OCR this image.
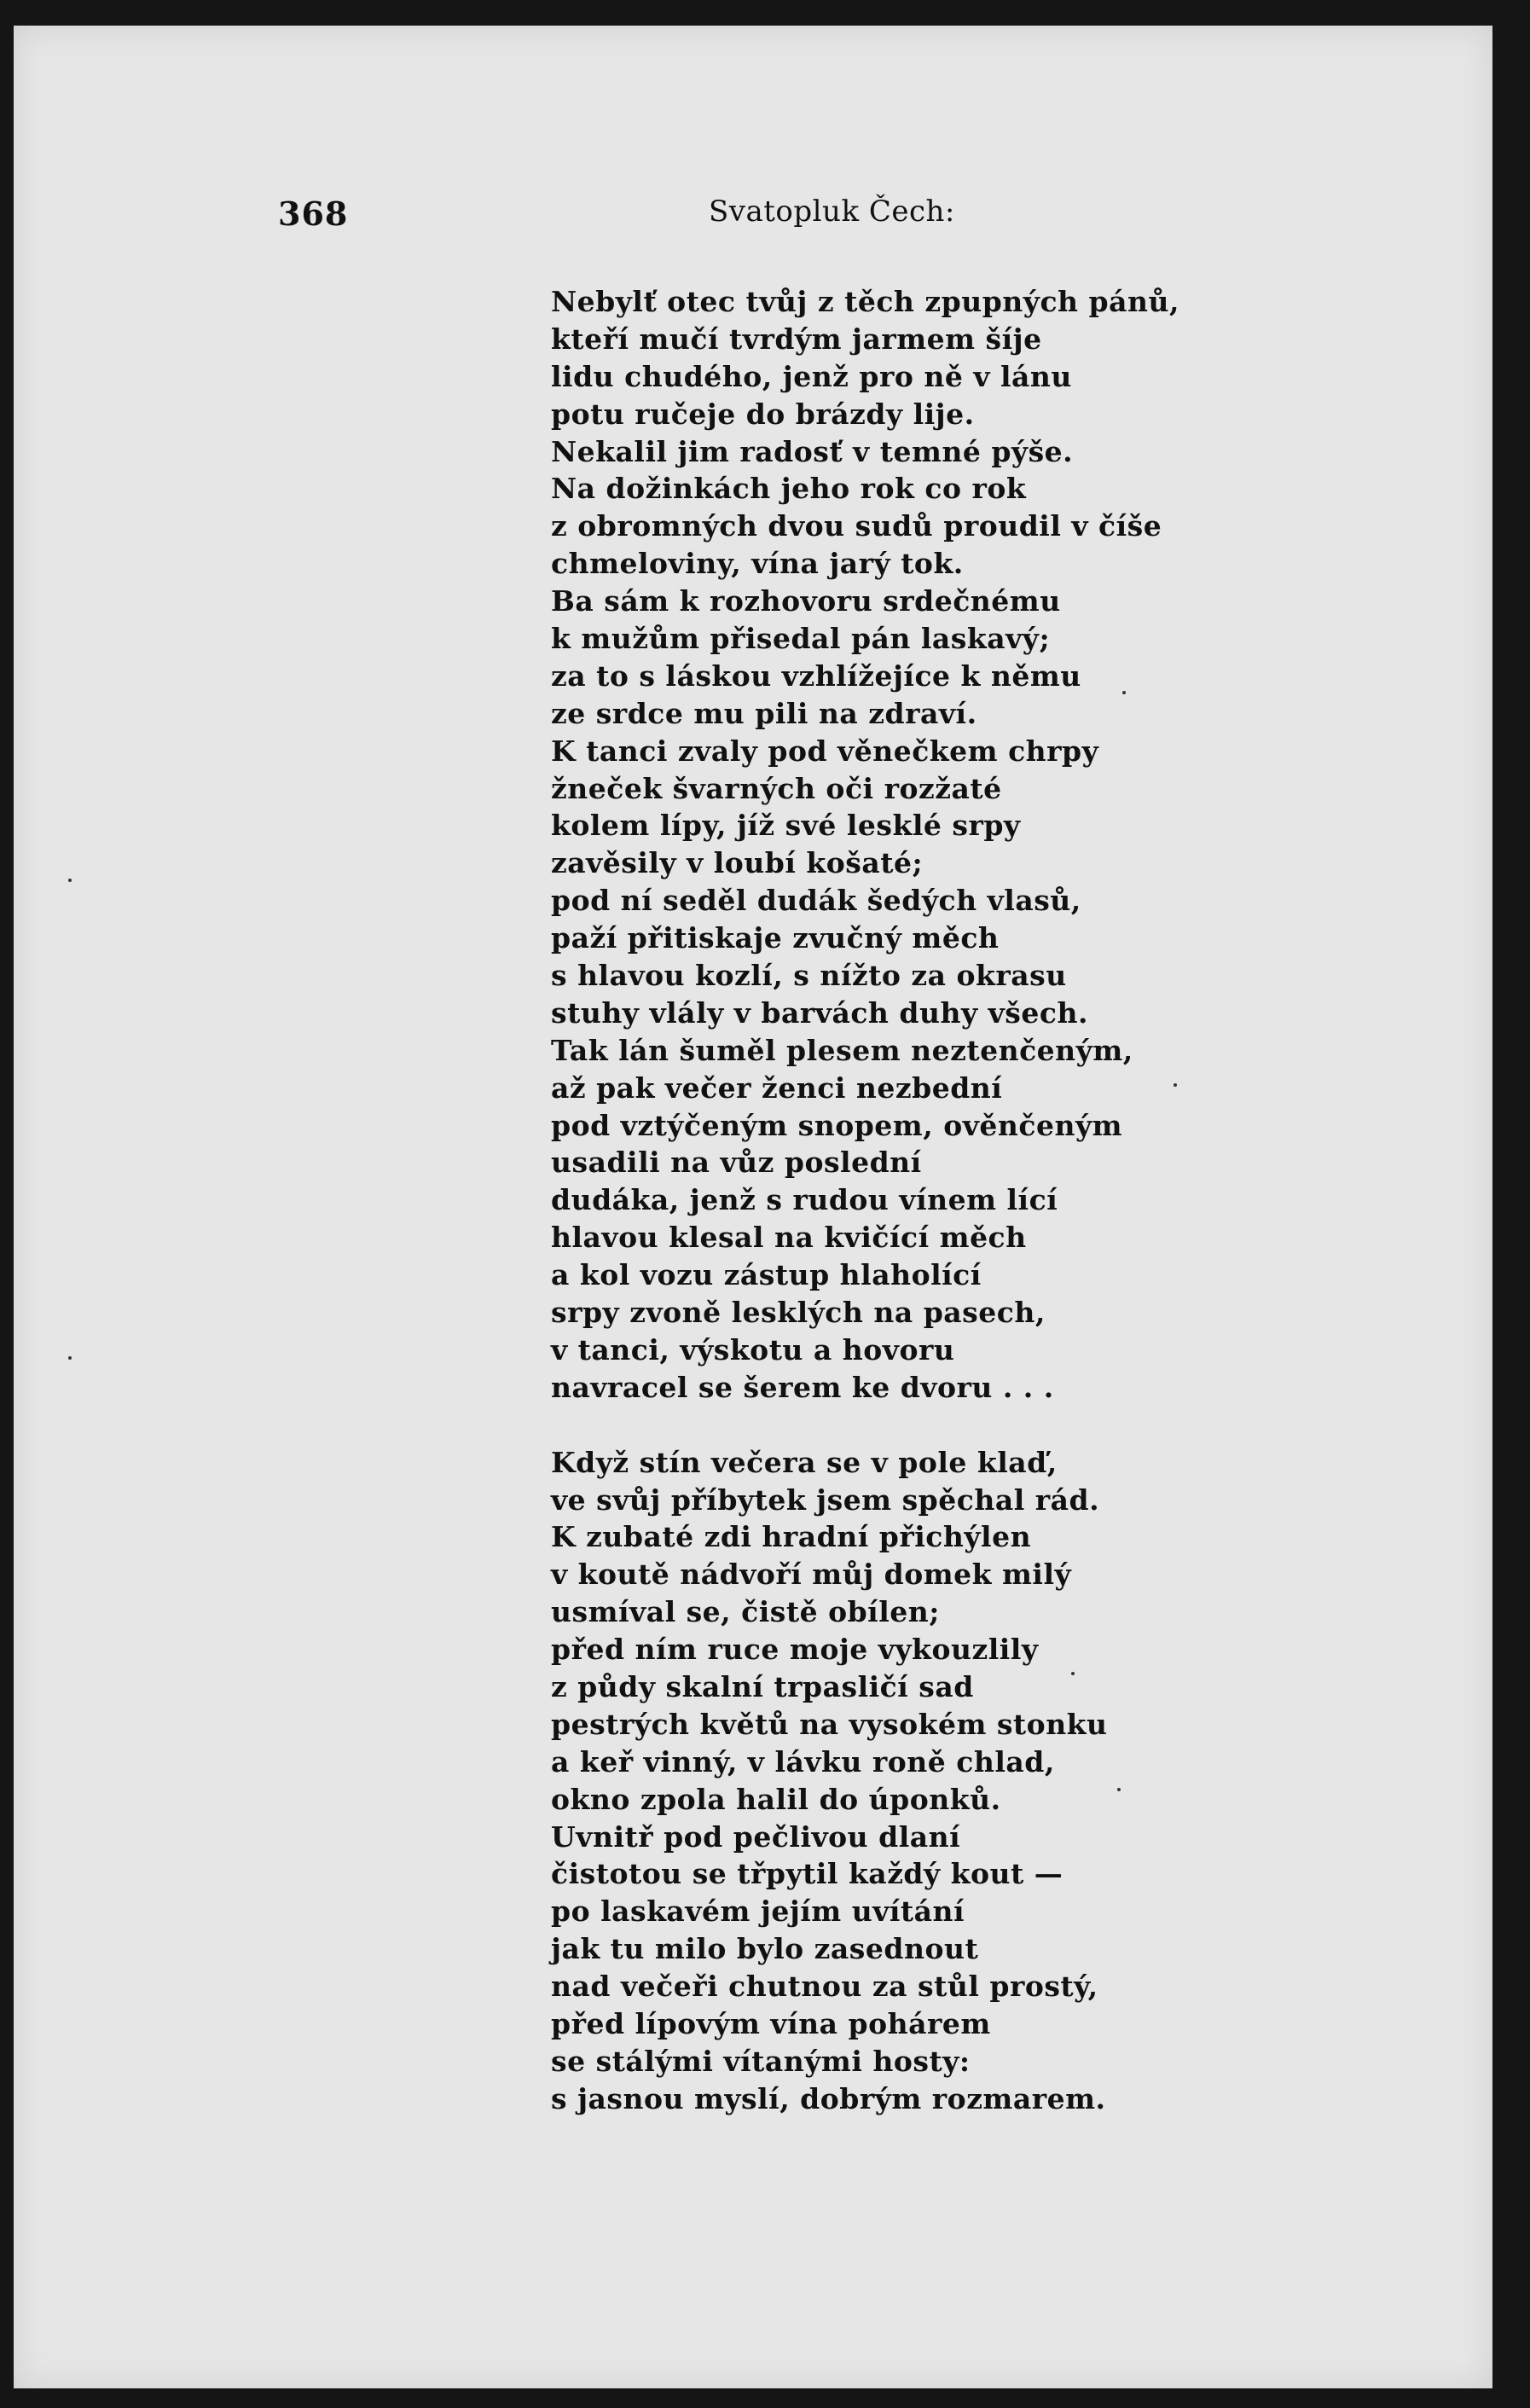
368	Svatopluk Čech:
Nebylť otec tvůj z těch zpupných pánů,
kteří mučí tvrdým jarmem šíje
lidu chudého, jenž pro ně v lánu
potu ručeje do brázdy lije.
Nekalil jim radosť v temné pýše.
Na dožinkách jeho rok co rok
z obromných dvou sudů proudil v číše
chmeloviny, vína jarý tok.
Ba sám k rozhovoru srdečnému
k mužům přisedal pán laskavý;
za to s láskou vzhlížejíce k němu
ze srdce mu pili na zdraví.
K tanci zvaly pod věnečkem chrpy
žneček švarných oči rozžaté
kolem lípy, jíž své lesklé srpy
zavěsily v loubí košaté;
pod ní seděl dudák šedých vlasů,
paží přitiskaje zvučný měch
s hlavou kozlí, s nížto za okrasu
stuhy vlály v barvách duhy všech.
Tak lán šuměl plesem neztenčeným,
až pak večer ženci nezbední
pod vztýčeným snopem, ověnčeným
usadili na vůz poslední
dudáka, jenž s rudou vínem lící
hlavou klesal na kvičící měch
a kol vozu zástup hlaholící
srpy zvoně lesklých na pasech,
v tanci, výskotu a hovoru
navracel se šerem ke dvoru . . .
Když stín večera se v pole klaď,
ve svůj příbytek jsem spěchal rád.
K zubaté zdi hradní přichýlen
v koutě nádvoří můj domek milý
usmíval se, čistě obílen;
před ním ruce moje vykouzlily
z půdy skalní trpasličí sad
pestrých květů na vysokém stonku
a keř vinný, v lávku roně chlad,
okno zpola halil do úponků.
Uvnitř pod pečlivou dlaní
čistotou se třpytil každý kout —
po laskavém jejím uvítání
jak tu milo bylo zasednout
nad večeři chutnou za stůl prostý,
před lípovým vína pohárem
se stálými vítanými hosty:
s jasnou myslí, dobrým rozmarem.
